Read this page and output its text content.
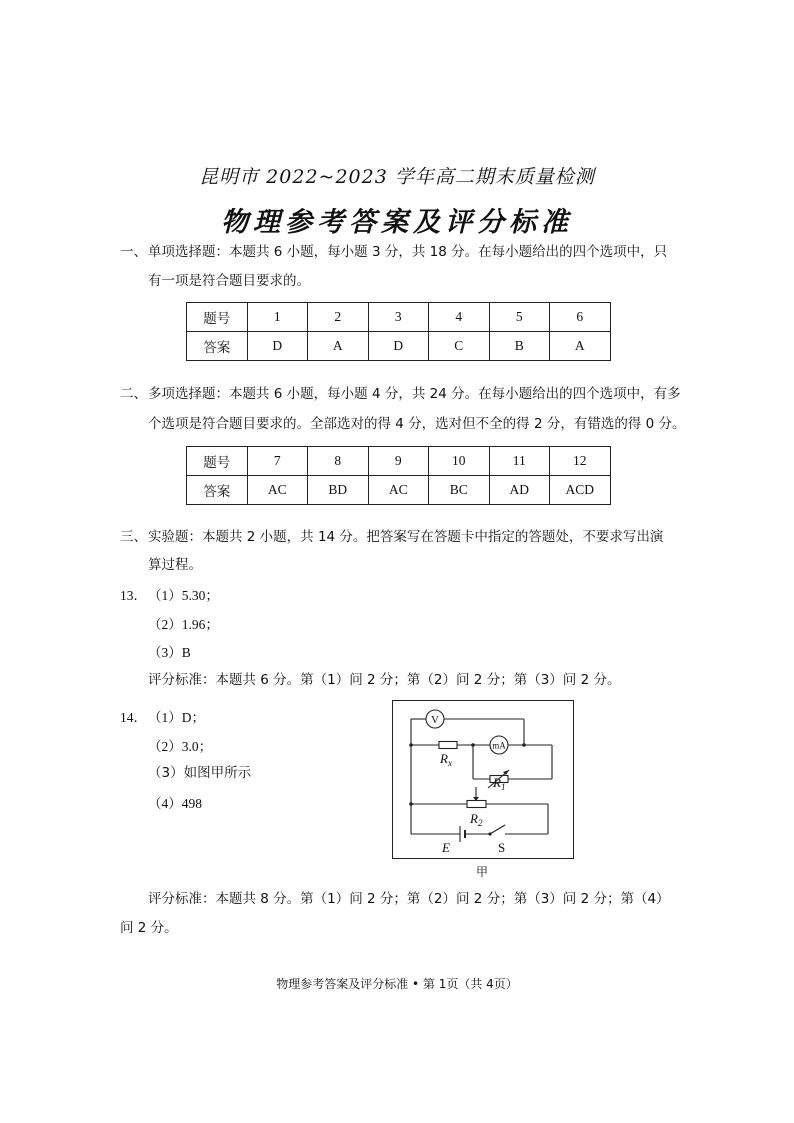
昆明市 2022~2023 学年高二期末质量检测
物理参考答案及评分标准
一、 单项选择题：本题共 6 小题，每小题 3 分，共 18 分。在每小题给出的四个选项中，只
有一项是符合题目要求的。
题号	1	2	3	4	5	6
答案	D	A	D	C	B	A
二、 多项选择题：本题共 6 小题，每小题 4 分，共 24 分。在每小题给出的四个选项中，有多
个选项是符合题目要求的。全部选对的得 4 分，选对但不全的得 2 分，有错选的得 0 分。
题号	7	8	9	10	11	12
答案	AC	BD	AC	BC	AD	ACD
三、 实验题：本题共 2 小题，共 14 分。把答案写在答题卡中指定的答题处，不要求写出演
算过程。
13． （1）5.30；
（2）1.96；
（3）B
评分标准：本题共 6 分。第（1）问 2 分；第（2）问 2 分；第（3）问 2 分。
14． （1）D；
（2）3.0；
（3）如图甲所示
（4）498
V
$R_x$
mA
$R_1$
$R_2$
E	S
甲
评分标准：本题共 8 分。第（1）问 2 分；第（2）问 2 分；第（3）问 2 分；第（4）
问 2 分。
物理参考答案及评分标准 • 第 1页（共 4页）
